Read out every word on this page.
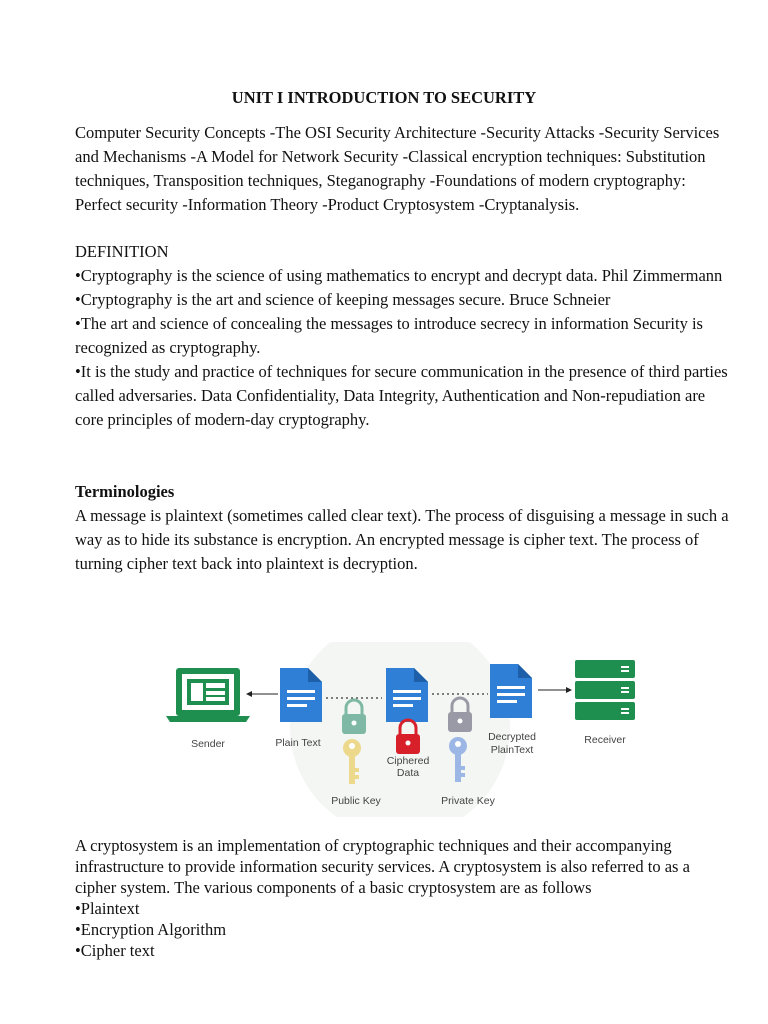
UNIT I INTRODUCTION TO SECURITY

Computer Security Concepts -The OSI Security Architecture -Security Attacks -Security Services and Mechanisms -A Model for Network Security -Classical encryption techniques: Substitution techniques, Transposition techniques, Steganography -Foundations of modern cryptography: Perfect security -Information Theory -Product Cryptosystem -Cryptanalysis.

DEFINITION

•Cryptography is the science of using mathematics to encrypt and decrypt data. Phil Zimmermann

•Cryptography is the art and science of keeping messages secure. Bruce Schneier

•The art and science of concealing the messages to introduce secrecy in information Security is recognized as cryptography.

•It is the study and practice of techniques for secure communication in the presence of third parties called adversaries. Data Confidentiality, Data Integrity, Authentication and Non-repudiation are core principles of modern-day cryptography.

Terminologies

A message is plaintext (sometimes called clear text). The process of disguising a message in such a way as to hide its substance is encryption. An encrypted message is cipher text. The process of turning cipher text back into plaintext is decryption.

Sender	Plain Text
Public Key
Ciphered
Data
Private Key
Decrypted
PlainText
Receiver

A cryptosystem is an implementation of cryptographic techniques and their accompanying infrastructure to provide information security services. A cryptosystem is also referred to as a cipher system. The various components of a basic cryptosystem are as follows

•Plaintext

•Encryption Algorithm

•Cipher text
